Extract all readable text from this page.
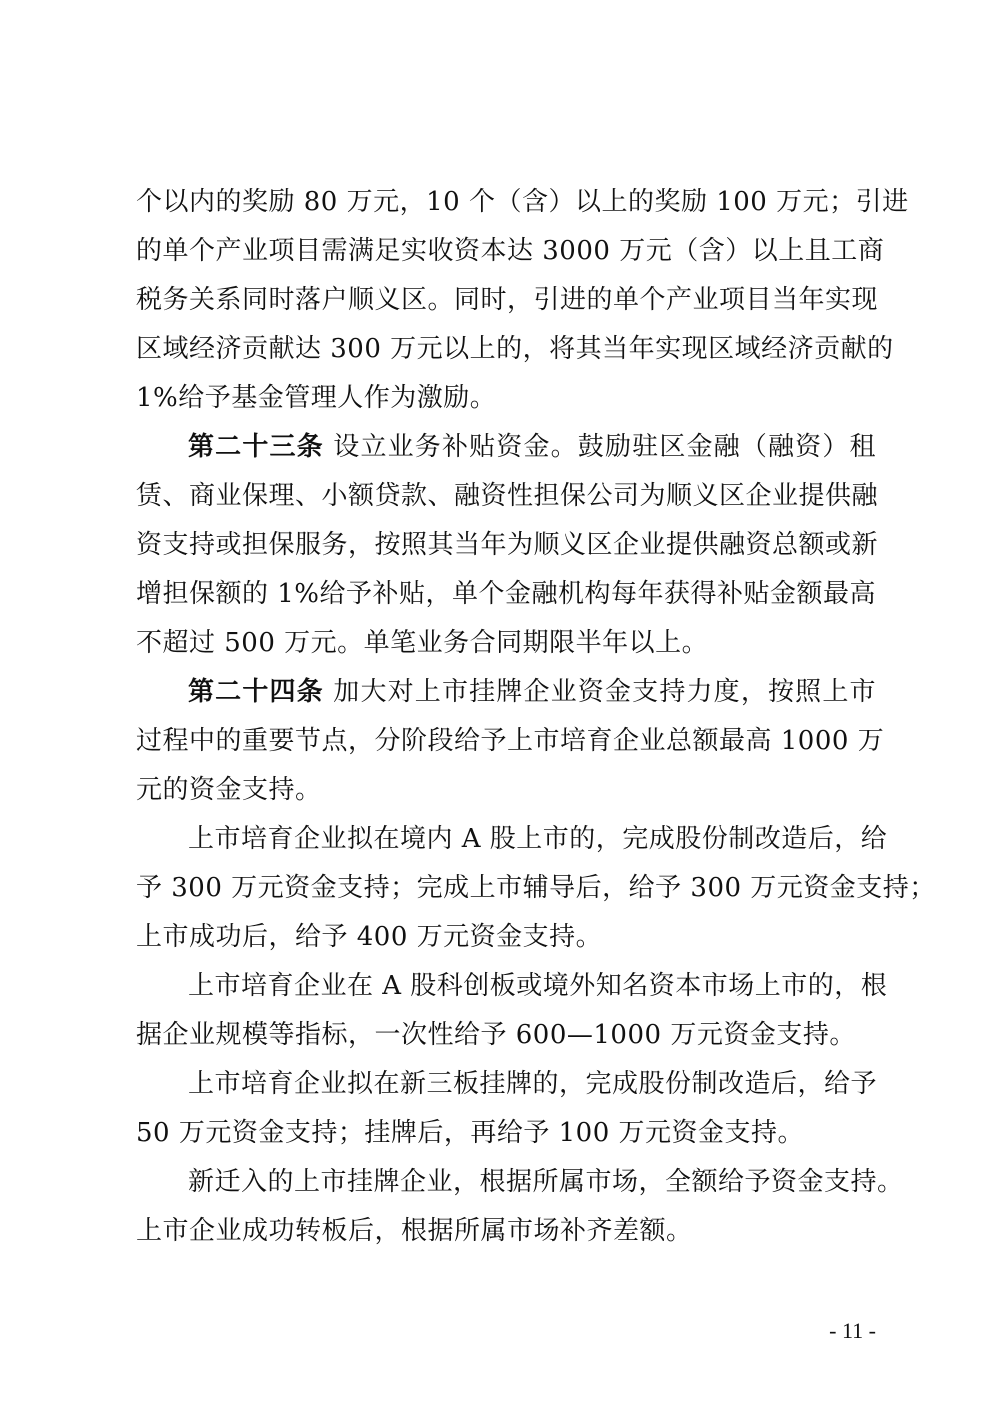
个以内的奖励 80 万元，10 个（含）以上的奖励 100 万元；引进
的单个产业项目需满足实收资本达 3000 万元（含）以上且工商
税务关系同时落户顺义区。同时，引进的单个产业项目当年实现
区域经济贡献达 300 万元以上的，将其当年实现区域经济贡献的
1%给予基金管理人作为激励。
第二十三条 设立业务补贴资金。鼓励驻区金融（融资）租
赁、商业保理、小额贷款、融资性担保公司为顺义区企业提供融
资支持或担保服务，按照其当年为顺义区企业提供融资总额或新
增担保额的 1%给予补贴，单个金融机构每年获得补贴金额最高
不超过 500 万元。单笔业务合同期限半年以上。
第二十四条 加大对上市挂牌企业资金支持力度，按照上市
过程中的重要节点，分阶段给予上市培育企业总额最高 1000 万
元的资金支持。
上市培育企业拟在境内 A 股上市的，完成股份制改造后，给
予 300 万元资金支持；完成上市辅导后，给予 300 万元资金支持；
上市成功后，给予 400 万元资金支持。
上市培育企业在 A 股科创板或境外知名资本市场上市的，根
据企业规模等指标，一次性给予 600—1000 万元资金支持。
上市培育企业拟在新三板挂牌的，完成股份制改造后，给予
50 万元资金支持；挂牌后，再给予 100 万元资金支持。
新迁入的上市挂牌企业，根据所属市场，全额给予资金支持。
上市企业成功转板后，根据所属市场补齐差额。
- 11 -
